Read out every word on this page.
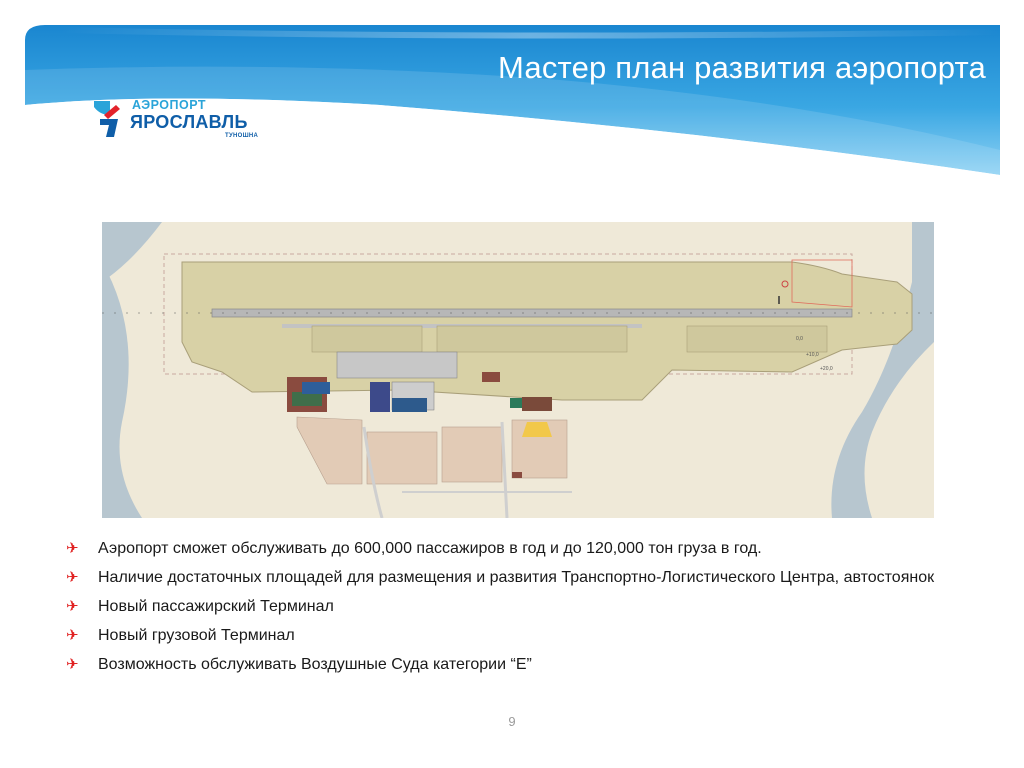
Мастер план развития аэропорта
АЭРОПОРТ
ЯРОСЛАВЛЬ
ТУНОШНА
0,0
+10,0
+20,0
✈ Аэропорт сможет обслуживать до 600,000 пассажиров в год и до 120,000 тон груза в год.
✈ Наличие достаточных площадей для размещения и развития Транспортно-Логистического Центра, автостоянок
✈ Новый пассажирский Терминал
✈ Новый грузовой Терминал
✈ Возможность обслуживать Воздушные Суда категории “Е”
9
